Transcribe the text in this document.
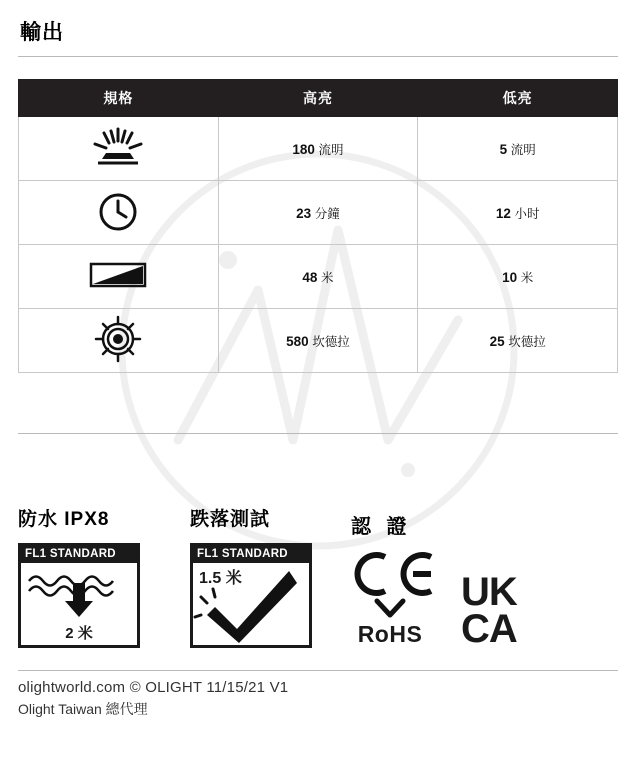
輸出
規格	高亮	低亮
	180 流明	5 流明
	23 分鐘	12 小时
	48 米	10 米
	580 坎德拉	25 坎德拉
防水 IPX8
FL1 STANDARD
2 米
跌落測試
FL1 STANDARD
1.5 米
認 證
RoHS
UK
CA
olightworld.com © OLIGHT 11/15/21 V1
Olight Taiwan 總代理
